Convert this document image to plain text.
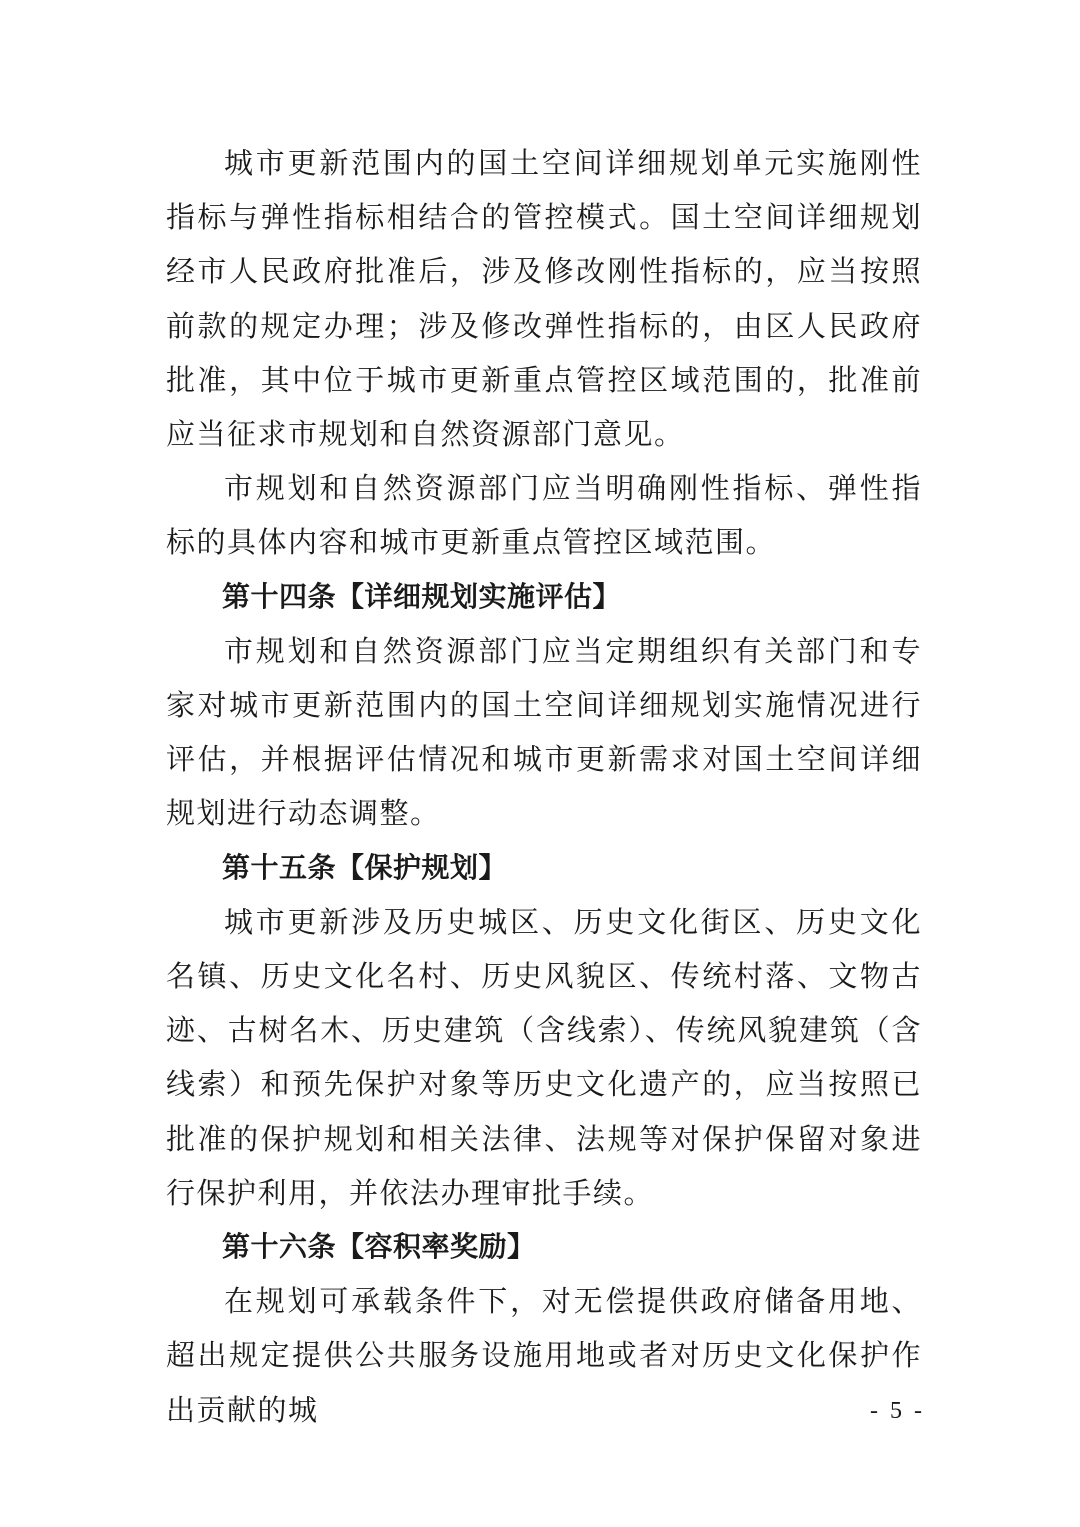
城市更新范围内的国土空间详细规划单元实施刚性指标与弹性指标相结合的管控模式。国土空间详细规划经市人民政府批准后，涉及修改刚性指标的，应当按照前款的规定办理；涉及修改弹性指标的，由区人民政府批准，其中位于城市更新重点管控区域范围的，批准前应当征求市规划和自然资源部门意见。

市规划和自然资源部门应当明确刚性指标、弹性指标的具体内容和城市更新重点管控区域范围。

第十四条【详细规划实施评估】

市规划和自然资源部门应当定期组织有关部门和专家对城市更新范围内的国土空间详细规划实施情况进行评估，并根据评估情况和城市更新需求对国土空间详细规划进行动态调整。

第十五条【保护规划】

城市更新涉及历史城区、历史文化街区、历史文化名镇、历史文化名村、历史风貌区、传统村落、文物古迹、古树名木、历史建筑（含线索）、传统风貌建筑（含线索）和预先保护对象等历史文化遗产的，应当按照已批准的保护规划和相关法律、法规等对保护保留对象进行保护利用，并依法办理审批手续。

第十六条【容积率奖励】

在规划可承载条件下，对无偿提供政府储备用地、超出规定提供公共服务设施用地或者对历史文化保护作出贡献的城	- 5 -
